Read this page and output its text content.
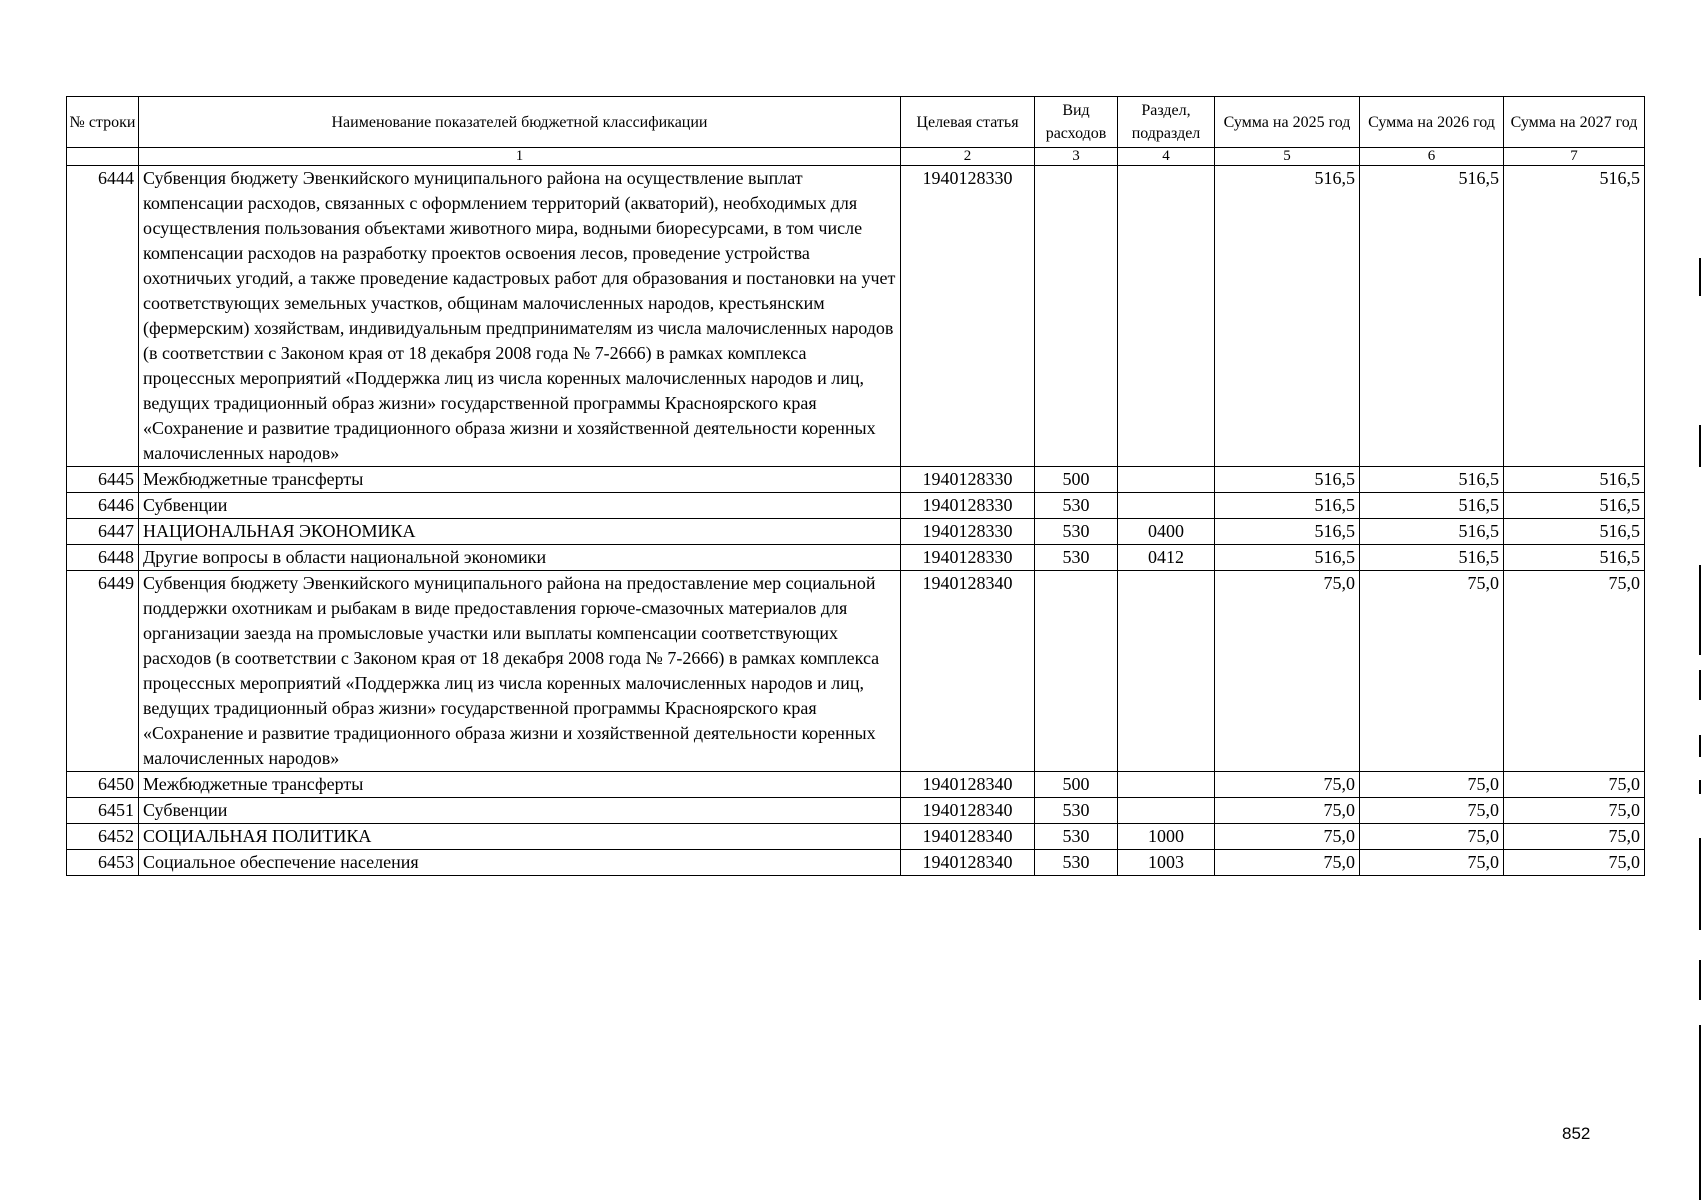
№ строки	Наименование показателей бюджетной классификации	Целевая статья	Вид расходов	Раздел, подраздел	Сумма на 2025 год	Сумма на 2026 год	Сумма на 2027 год
	1	2	3	4	5	6	7
6444	Субвенция бюджету Эвенкийского муниципального района на осуществление выплат компенсации расходов, связанных с оформлением территорий (акваторий), необходимых для осуществления пользования объектами животного мира, водными биоресурсами, в том числе компенсации расходов на разработку проектов освоения лесов, проведение устройства охотничьих угодий, а также проведение кадастровых работ для образования и постановки на учет соответствующих земельных участков, общинам малочисленных народов, крестьянским (фермерским) хозяйствам, индивидуальным предпринимателям из числа малочисленных народов (в соответствии с Законом края от 18 декабря 2008 года № 7-2666) в рамках комплекса процессных мероприятий «Поддержка лиц из числа коренных малочисленных народов и лиц, ведущих традиционный образ жизни» государственной программы Красноярского края «Сохранение и развитие традиционного образа жизни и хозяйственной деятельности коренных малочисленных народов»	1940128330			516,5	516,5	516,5
6445	Межбюджетные трансферты	1940128330	500		516,5	516,5	516,5
6446	Субвенции	1940128330	530		516,5	516,5	516,5
6447	НАЦИОНАЛЬНАЯ ЭКОНОМИКА	1940128330	530	0400	516,5	516,5	516,5
6448	Другие вопросы в области национальной экономики	1940128330	530	0412	516,5	516,5	516,5
6449	Субвенция бюджету Эвенкийского муниципального района на предоставление мер социальной поддержки охотникам и рыбакам в виде предоставления горюче-смазочных материалов для организации заезда на промысловые участки или выплаты компенсации соответствующих расходов (в соответствии с Законом края от 18 декабря 2008 года № 7-2666) в рамках комплекса процессных мероприятий «Поддержка лиц из числа коренных малочисленных народов и лиц, ведущих традиционный образ жизни» государственной программы Красноярского края «Сохранение и развитие традиционного образа жизни и хозяйственной деятельности коренных малочисленных народов»	1940128340			75,0	75,0	75,0
6450	Межбюджетные трансферты	1940128340	500		75,0	75,0	75,0
6451	Субвенции	1940128340	530		75,0	75,0	75,0
6452	СОЦИАЛЬНАЯ ПОЛИТИКА	1940128340	530	1000	75,0	75,0	75,0
6453	Социальное обеспечение населения	1940128340	530	1003	75,0	75,0	75,0
852
